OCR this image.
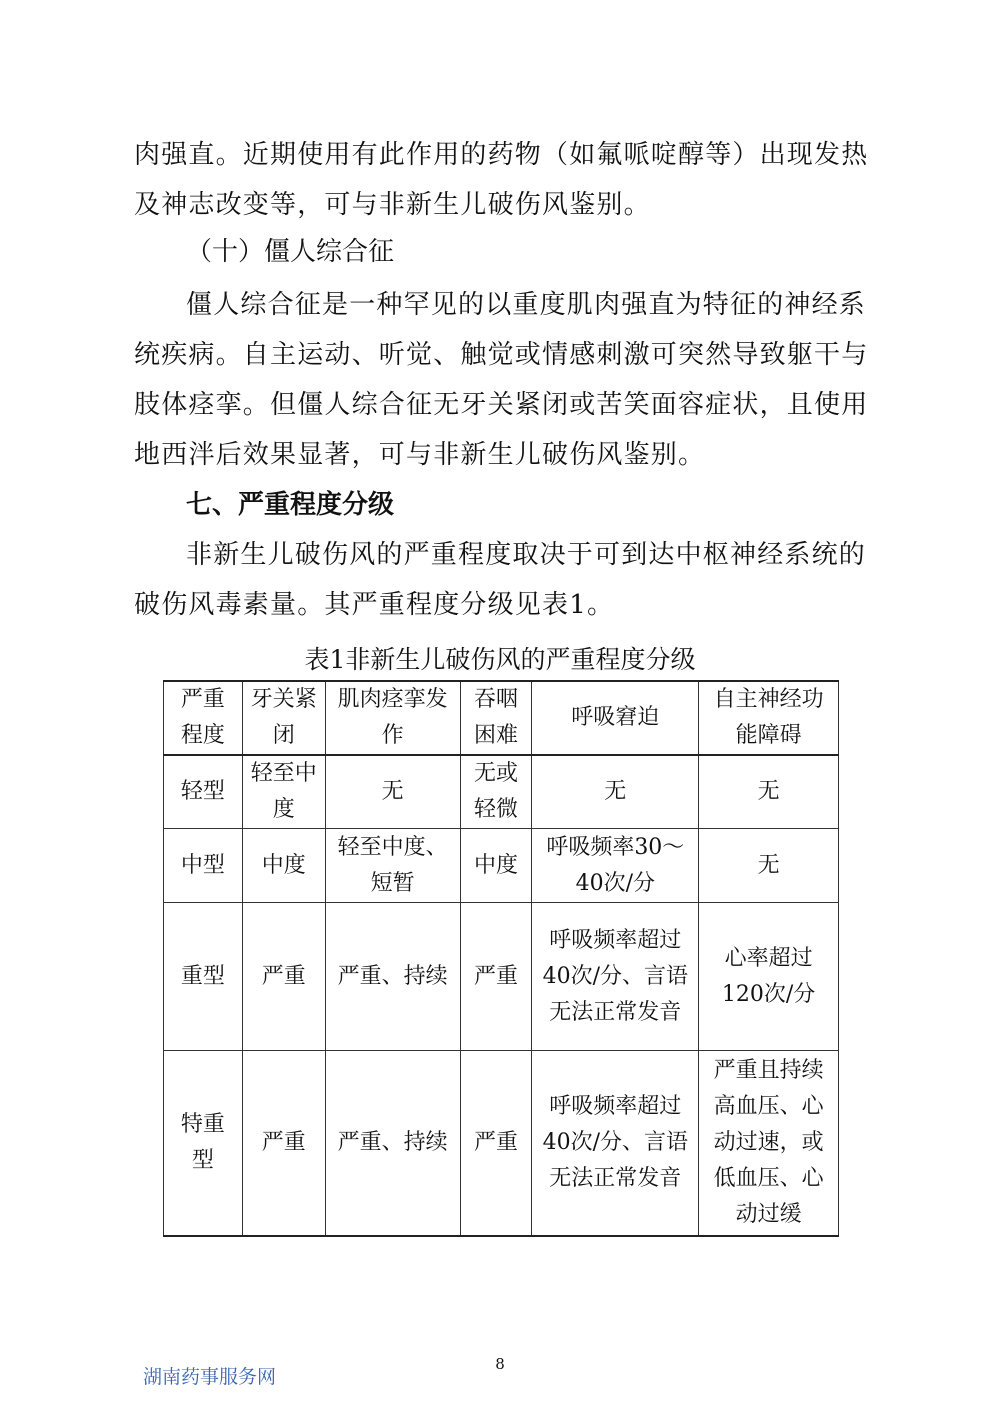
肉强直。近期使用有此作用的药物（如氟哌啶醇等）出现发热及神志改变等，可与非新生儿破伤风鉴别。

（十）僵人综合征

僵人综合征是一种罕见的以重度肌肉强直为特征的神经系统疾病。自主运动、听觉、触觉或情感刺激可突然导致躯干与肢体痉挛。但僵人综合征无牙关紧闭或苦笑面容症状，且使用地西泮后效果显著，可与非新生儿破伤风鉴别。

七、严重程度分级

非新生儿破伤风的严重程度取决于可到达中枢神经系统的破伤风毒素量。其严重程度分级见表1。

表1非新生儿破伤风的严重程度分级

严重程度	牙关紧闭	肌肉痉挛发作	吞咽困难	呼吸窘迫	自主神经功能障碍
轻型	轻至中度	无	无或轻微	无	无
中型	中度	轻至中度、短暂	中度	呼吸频率30～40次/分	无
重型	严重	严重、持续	严重	呼吸频率超过40次/分、言语无法正常发音	心率超过120次/分
特重型	严重	严重、持续	严重	呼吸频率超过40次/分、言语无法正常发音	严重且持续高血压、心动过速，或低血压、心动过缓

8

湖南药事服务网
